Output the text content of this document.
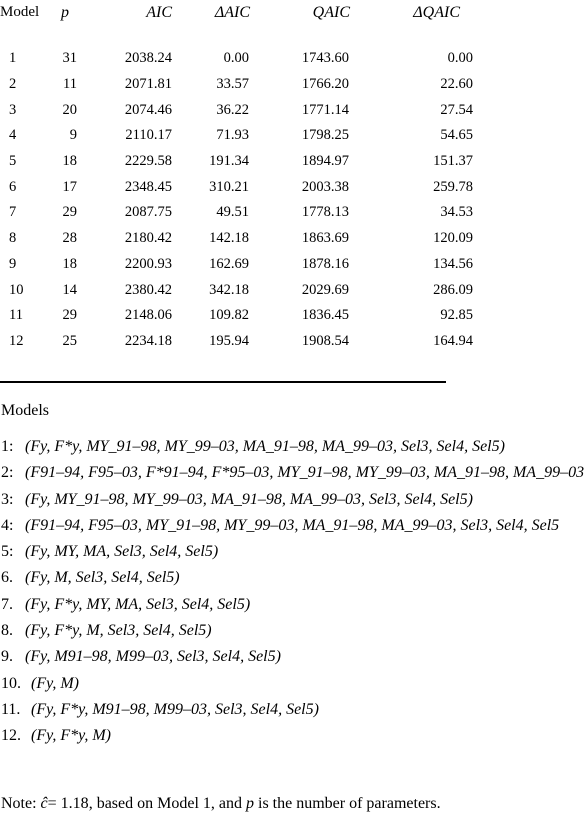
Model	p	AIC	ΔAIC	QAIC	ΔQAIC
1	31	2038.24	0.00	1743.60	0.00
2	11	2071.81	33.57	1766.20	22.60
3	20	2074.46	36.22	1771.14	27.54
4	9	2110.17	71.93	1798.25	54.65
5	18	2229.58	191.34	1894.97	151.37
6	17	2348.45	310.21	2003.38	259.78
7	29	2087.75	49.51	1778.13	34.53
8	28	2180.42	142.18	1863.69	120.09
9	18	2200.93	162.69	1878.16	134.56
10	14	2380.42	342.18	2029.69	286.09
11	29	2148.06	109.82	1836.45	92.85
12	25	2234.18	195.94	1908.54	164.94
Models
1: (Fy, F*y, MY_91–98, MY_99–03, MA_91–98, MA_99–03, Sel3, Sel4, Sel5)
2: (F91–94, F95–03, F*91–94, F*95–03, MY_91–98, MY_99–03, MA_91–98, MA_99–03
3: (Fy, MY_91–98, MY_99–03, MA_91–98, MA_99–03, Sel3, Sel4, Sel5)
4: (F91–94, F95–03, MY_91–98, MY_99–03, MA_91–98, MA_99–03, Sel3, Sel4, Sel5
5: (Fy, MY, MA, Sel3, Sel4, Sel5)
6. (Fy, M, Sel3, Sel4, Sel5)
7. (Fy, F*y, MY, MA, Sel3, Sel4, Sel5)
8. (Fy, F*y, M, Sel3, Sel4, Sel5)
9. (Fy, M91–98, M99–03, Sel3, Sel4, Sel5)
10. (Fy, M)
11. (Fy, F*y, M91–98, M99–03, Sel3, Sel4, Sel5)
12. (Fy, F*y, M)
Note: ĉ= 1.18, based on Model 1, and p is the number of parameters.
